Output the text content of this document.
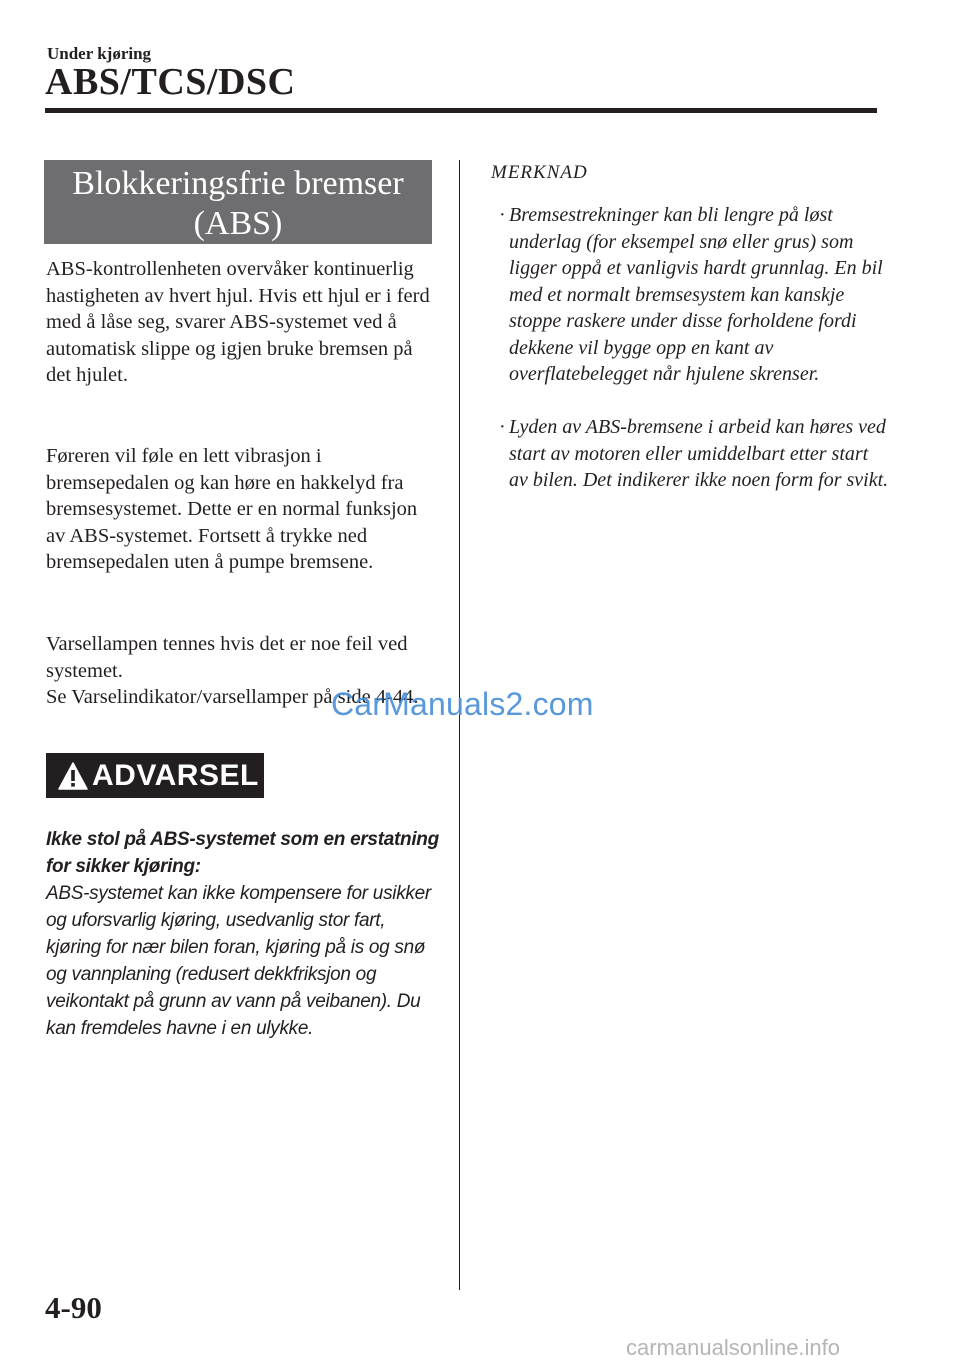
Under kjøring
ABS/TCS/DSC
Blokkeringsfrie bremser
(ABS)
ABS-kontrollenheten overvåker kontinuerlig hastigheten av hvert hjul. Hvis ett hjul er i ferd med å låse seg, svarer ABS-systemet ved å automatisk slippe og igjen bruke bremsen på det hjulet.
Føreren vil føle en lett vibrasjon i bremsepedalen og kan høre en hakkelyd fra bremsesystemet. Dette er en normal funksjon av ABS-systemet. Fortsett å trykke ned bremsepedalen uten å pumpe bremsene.
Varsellampen tennes hvis det er noe feil ved systemet.
Se Varselindikator/varsellamper på side 4-44.
ADVARSEL
Ikke stol på ABS-systemet som en erstatning for sikker kjøring:
ABS-systemet kan ikke kompensere for usikker og uforsvarlig kjøring, usedvanlig stor fart, kjøring for nær bilen foran, kjøring på is og snø og vannplaning (redusert dekkfriksjon og veikontakt på grunn av vann på veibanen). Du kan fremdeles havne i en ulykke.
MERKNAD
· Bremsestrekninger kan bli lengre på løst underlag (for eksempel snø eller grus) som ligger oppå et vanligvis hardt grunnlag. En bil med et normalt bremsesystem kan kanskje stoppe raskere under disse forholdene fordi dekkene vil bygge opp en kant av overflatebelegget når hjulene skrenser.
· Lyden av ABS-bremsene i arbeid kan høres ved start av motoren eller umiddelbart etter start av bilen. Det indikerer ikke noen form for svikt.
4-90
CarManuals2.com
carmanualsonline.info
